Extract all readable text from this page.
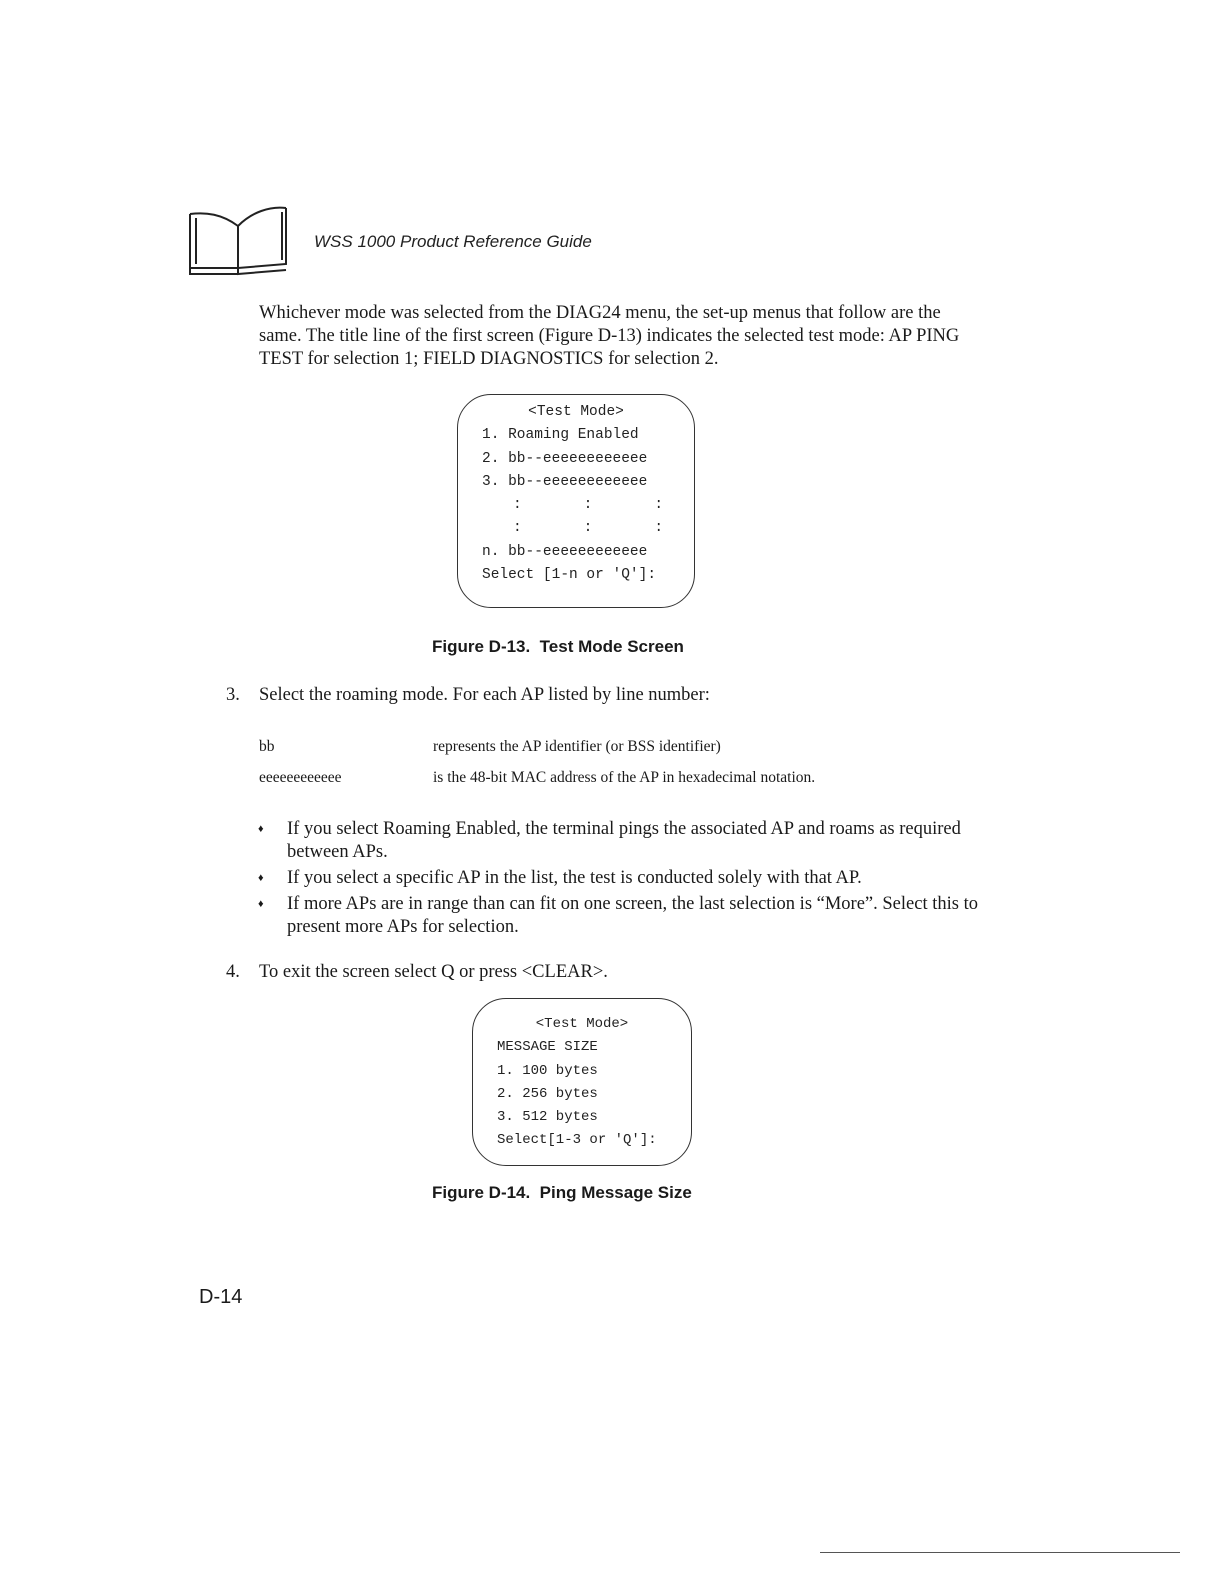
WSS 1000 Product Reference Guide
Whichever mode was selected from the DIAG24 menu, the set-up menus that follow are the same. The title line of the first screen (Figure D-13) indicates the selected test mode: AP PING TEST for selection 1; FIELD DIAGNOSTICS for selection 2.
<Test Mode>
1. Roaming Enabled
2. bb--eeeeeeeeeeee
3. bb--eeeeeeeeeeee
:	:	:
:	:	:
n. bb--eeeeeeeeeeee
Select [1-n or 'Q']:
Figure D-13.  Test Mode Screen
3.	Select the roaming mode. For each AP listed by line number:
bb	represents the AP identifier (or BSS identifier)
eeeeeeeeeeee	is the 48-bit MAC address of the AP in hexadecimal notation.
♦	If you select Roaming Enabled, the terminal pings the associated AP and roams as required between APs.
♦	If you select a specific AP in the list, the test is conducted solely with that AP.
♦	If more APs are in range than can fit on one screen, the last selection is “More”. Select this to present more APs for selection.
4.	To exit the screen select Q or press <CLEAR>.
<Test Mode>
MESSAGE SIZE
1. 100 bytes
2. 256 bytes
3. 512 bytes
Select[1-3 or 'Q']:
Figure D-14.  Ping Message Size
D-14
